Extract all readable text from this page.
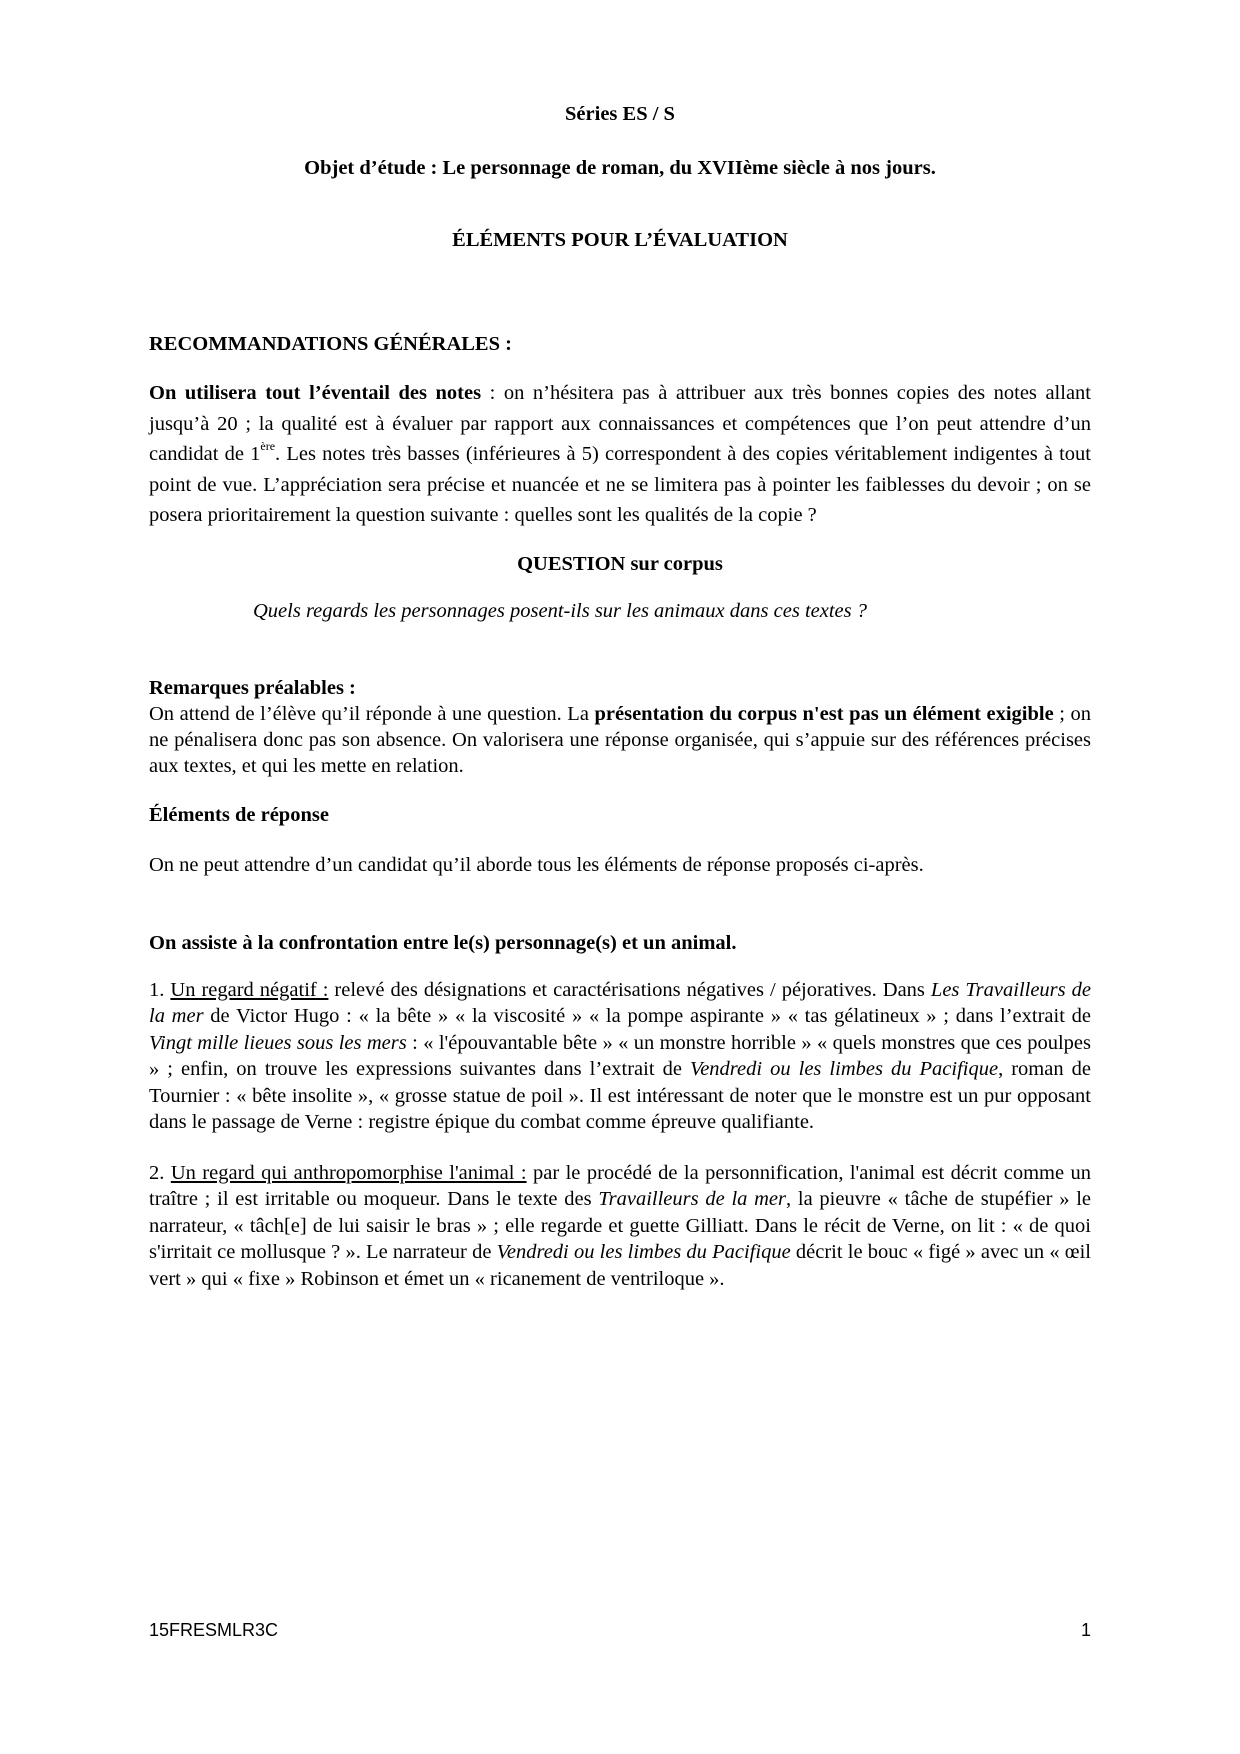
Séries ES / S
Objet d’étude : Le personnage de roman, du XVIIème siècle à nos jours.
ÉLÉMENTS POUR L’ÉVALUATION
RECOMMANDATIONS GÉNÉRALES :
On utilisera tout l’éventail des notes : on n’hésitera pas à attribuer aux très bonnes copies des notes allant jusqu’à 20 ; la qualité est à évaluer par rapport aux connaissances et compétences que l’on peut attendre d’un candidat de 1ère. Les notes très basses (inférieures à 5) correspondent à des copies véritablement indigentes à tout point de vue. L’appréciation sera précise et nuancée et ne se limitera pas à pointer les faiblesses du devoir ; on se posera prioritairement la question suivante : quelles sont les qualités de la copie ?
QUESTION sur corpus
Quels regards les personnages posent-ils sur les animaux dans ces textes ?
Remarques préalables :
On attend de l’élève qu’il réponde à une question. La présentation du corpus n'est pas un élément exigible ; on ne pénalisera donc pas son absence. On valorisera une réponse organisée, qui s’appuie sur des références précises aux textes, et qui les mette en relation.
Éléments de réponse
On ne peut attendre d’un candidat qu’il aborde tous les éléments de réponse proposés ci-après.
On assiste à la confrontation entre le(s) personnage(s) et un animal.
1. Un regard négatif : relevé des désignations et caractérisations négatives / péjoratives. Dans Les Travailleurs de la mer de Victor Hugo : « la bête » « la viscosité » « la pompe aspirante » « tas gélatineux » ; dans l’extrait de Vingt mille lieues sous les mers : « l'épouvantable bête » « un monstre horrible » « quels monstres que ces poulpes » ; enfin, on trouve les expressions suivantes dans l’extrait de Vendredi ou les limbes du Pacifique, roman de Tournier : « bête insolite », « grosse statue de poil ». Il est intéressant de noter que le monstre est un pur opposant dans le passage de Verne : registre épique du combat comme épreuve qualifiante.
2. Un regard qui anthropomorphise l'animal : par le procédé de la personnification, l'animal est décrit comme un traître ; il est irritable ou moqueur. Dans le texte des Travailleurs de la mer, la pieuvre « tâche de stupéfier » le narrateur, « tâch[e] de lui saisir le bras » ; elle regarde et guette Gilliatt. Dans le récit de Verne, on lit : « de quoi s'irritait ce mollusque ? ». Le narrateur de Vendredi ou les limbes du Pacifique décrit le bouc « figé » avec un « œil vert » qui « fixe » Robinson et émet un « ricanement de ventriloque ».
15FRESMLR3C	1
